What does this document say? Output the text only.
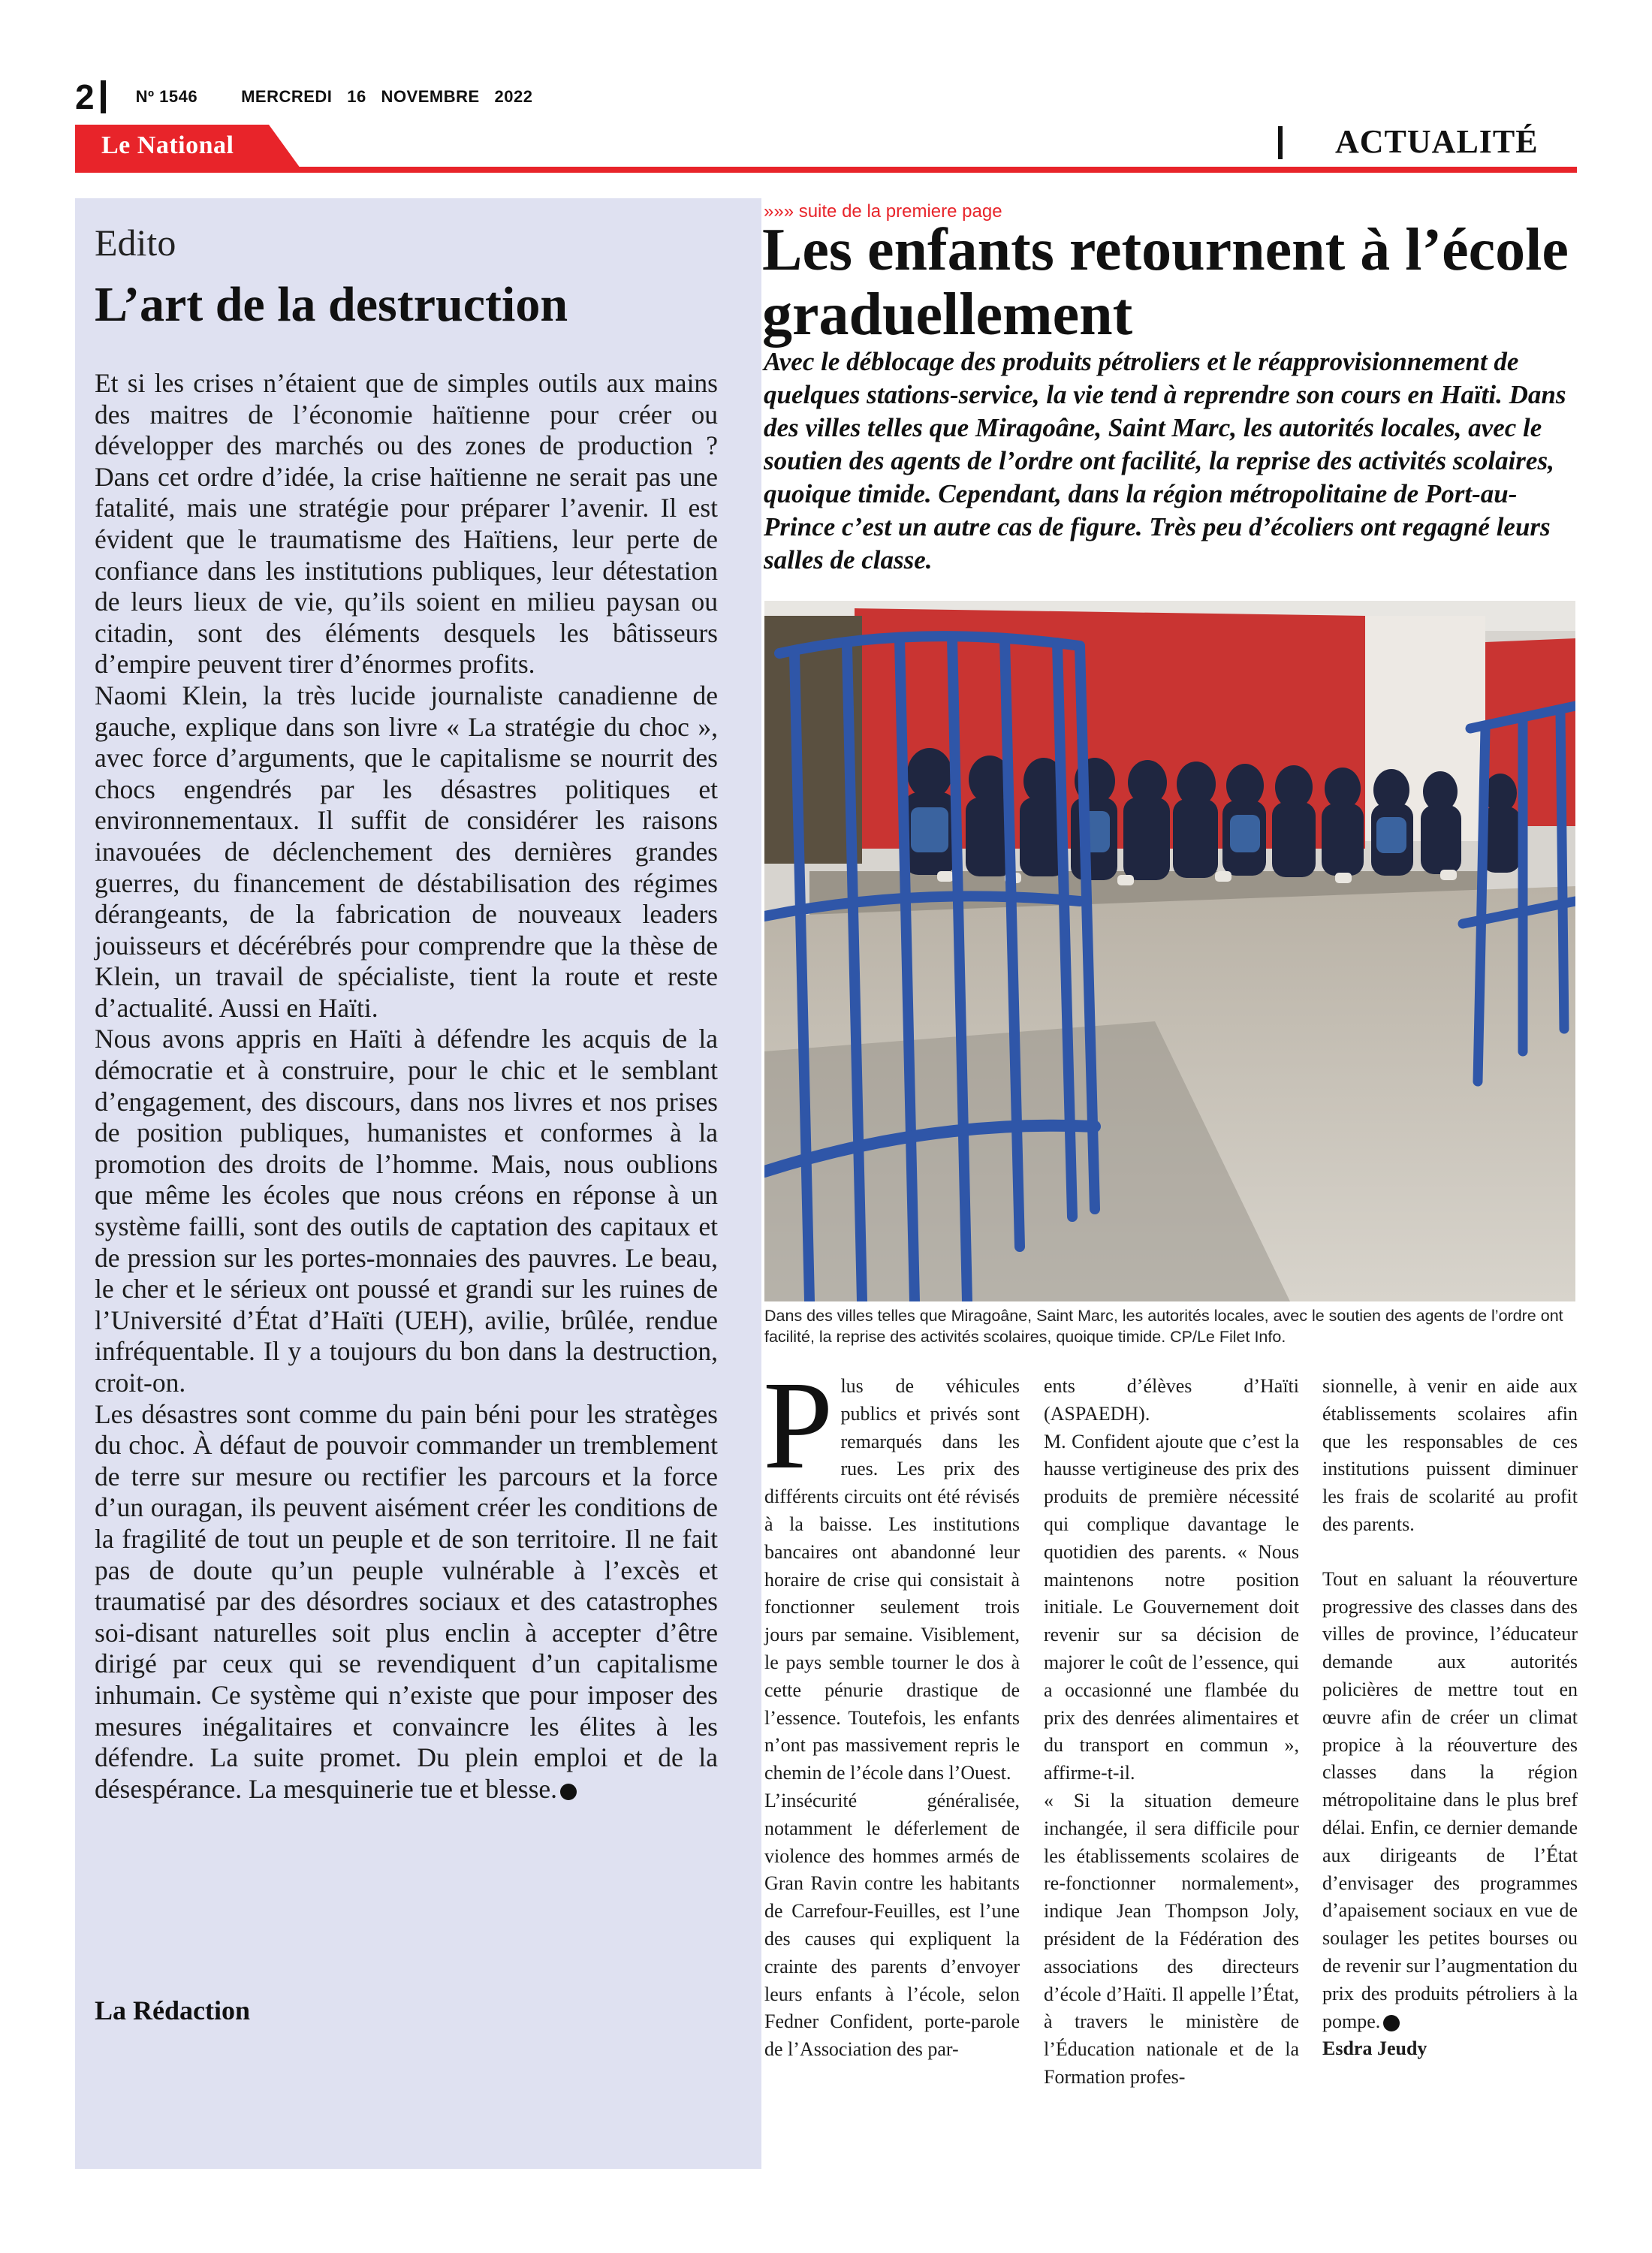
2	Nº 1546	MERCREDI   16   NOVEMBRE   2022
Le National	ACTUALITÉ
Edito
L’art de la destruction

Et si les crises n’étaient que de simples outils aux mains des maitres de l’économie haïtienne pour créer ou développer des marchés ou des zones de production ? Dans cet ordre d’idée, la crise haïtienne ne serait pas une fatalité, mais une stratégie pour préparer l’avenir. Il est évident que le traumatisme des Haïtiens, leur perte de confiance dans les institutions publiques, leur détestation de leurs lieux de vie, qu’ils soient en milieu paysan ou citadin, sont des éléments desquels les bâtisseurs d’empire peuvent tirer d’énormes profits.

Naomi Klein, la très lucide journaliste canadienne de gauche, explique dans son livre « La stratégie du choc », avec force d’arguments, que le capitalisme se nourrit des chocs engendrés par les désastres politiques et environnementaux. Il suffit de considérer les raisons inavouées de déclenchement des dernières grandes guerres, du financement de déstabilisation des régimes dérangeants, de la fabrication de nouveaux leaders jouisseurs et décérébrés pour comprendre que la thèse de Klein, un travail de spécialiste, tient la route et reste d’actualité. Aussi en Haïti.

Nous avons appris en Haïti à défendre les acquis de la démocratie et à construire, pour le chic et le semblant d’engagement, des discours, dans nos livres et nos prises de position publiques, humanistes et conformes à la promotion des droits de l’homme. Mais, nous oublions que même les écoles que nous créons en réponse à un système failli, sont des outils de captation des capitaux et de pression sur les portes-monnaies des pauvres. Le beau, le cher et le sérieux ont poussé et grandi sur les ruines de l’Université d’État d’Haïti (UEH), avilie, brûlée, rendue infréquentable. Il y a toujours du bon dans la destruction, croit-on.

Les désastres sont comme du pain béni pour les stratèges du choc. À défaut de pouvoir commander un tremblement de terre sur mesure ou rectifier les parcours et la force d’un ouragan, ils peuvent aisément créer les conditions de la fragilité de tout un peuple et de son territoire. Il ne fait pas de doute qu’un peuple vulnérable à l’excès et traumatisé par des désordres sociaux et des catastrophes soi-disant naturelles soit plus enclin à accepter d’être dirigé par ceux qui se revendiquent d’un capitalisme inhumain. Ce système qui n’existe que pour imposer des mesures inégalitaires et convaincre les élites à les défendre. La suite promet. Du plein emploi et de la désespérance. La mesquinerie tue et blesse.

La Rédaction
»»» suite de la premiere page
Les enfants retournent à l’école graduellement
Avec le déblocage des produits pétroliers et le réapprovisionnement de quelques stations-service, la vie tend à reprendre son cours en Haïti. Dans des villes telles que Miragoâne, Saint Marc, les autorités locales, avec le soutien des agents de l’ordre ont facilité, la reprise des activités scolaires, quoique timide. Cependant, dans la région métropolitaine de Port-au-Prince c’est un autre cas de figure. Très peu d’écoliers ont regagné leurs salles de classe.
Dans des villes telles que Miragoâne, Saint Marc, les autorités locales, avec le soutien des agents de l’ordre ont facilité, la reprise des activités scolaires, quoique timide. CP/Le Filet Info.

Plus de véhicules publics et privés sont remarqués dans les rues. Les prix des différents circuits ont été révisés à la baisse. Les institutions bancaires ont abandonné leur horaire de crise qui consistait à fonctionner seulement trois jours par semaine. Visiblement, le pays semble tourner le dos à cette pénurie drastique de l’essence. Toutefois, les enfants n’ont pas massivement repris le chemin de l’école dans l’Ouest.

L’insécurité généralisée, notamment le déferlement de violence des hommes armés de Gran Ravin contre les habitants de Carrefour-Feuilles, est l’une des causes qui expliquent la crainte des parents d’envoyer leurs enfants à l’école, selon Fedner Confident, porte-parole de l’Association des par-

ents d’élèves d’Haïti (ASPAEDH).

M. Confident ajoute que c’est la hausse vertigineuse des prix des produits de première nécessité qui complique davantage le quotidien des parents. « Nous maintenons notre position initiale. Le Gouvernement doit revenir sur sa décision de majorer le coût de l’essence, qui a occasionné une flambée du prix des denrées alimentaires et du transport en commun », affirme-t-il.

« Si la situation demeure inchangée, il sera difficile pour les établissements scolaires de re-fonctionner normalement», indique Jean Thompson Joly, président de la Fédération des associations des directeurs d’école d’Haïti. Il appelle l’État, à travers le ministère de l’Éducation nationale et de la Formation profes-

sionnelle, à venir en aide aux établissements scolaires afin que les responsables de ces institutions puissent diminuer les frais de scolarité au profit des parents.

Tout en saluant la réouverture progressive des classes dans des villes de province, l’éducateur demande aux autorités policières de mettre tout en œuvre afin de créer un climat propice à la réouverture des classes dans la région métropolitaine dans le plus bref délai. Enfin, ce dernier demande aux dirigeants de l’État d’envisager des programmes d’apaisement sociaux en vue de soulager les petites bourses ou de revenir sur l’augmentation du prix des produits pétroliers à la pompe.

Esdra Jeudy
